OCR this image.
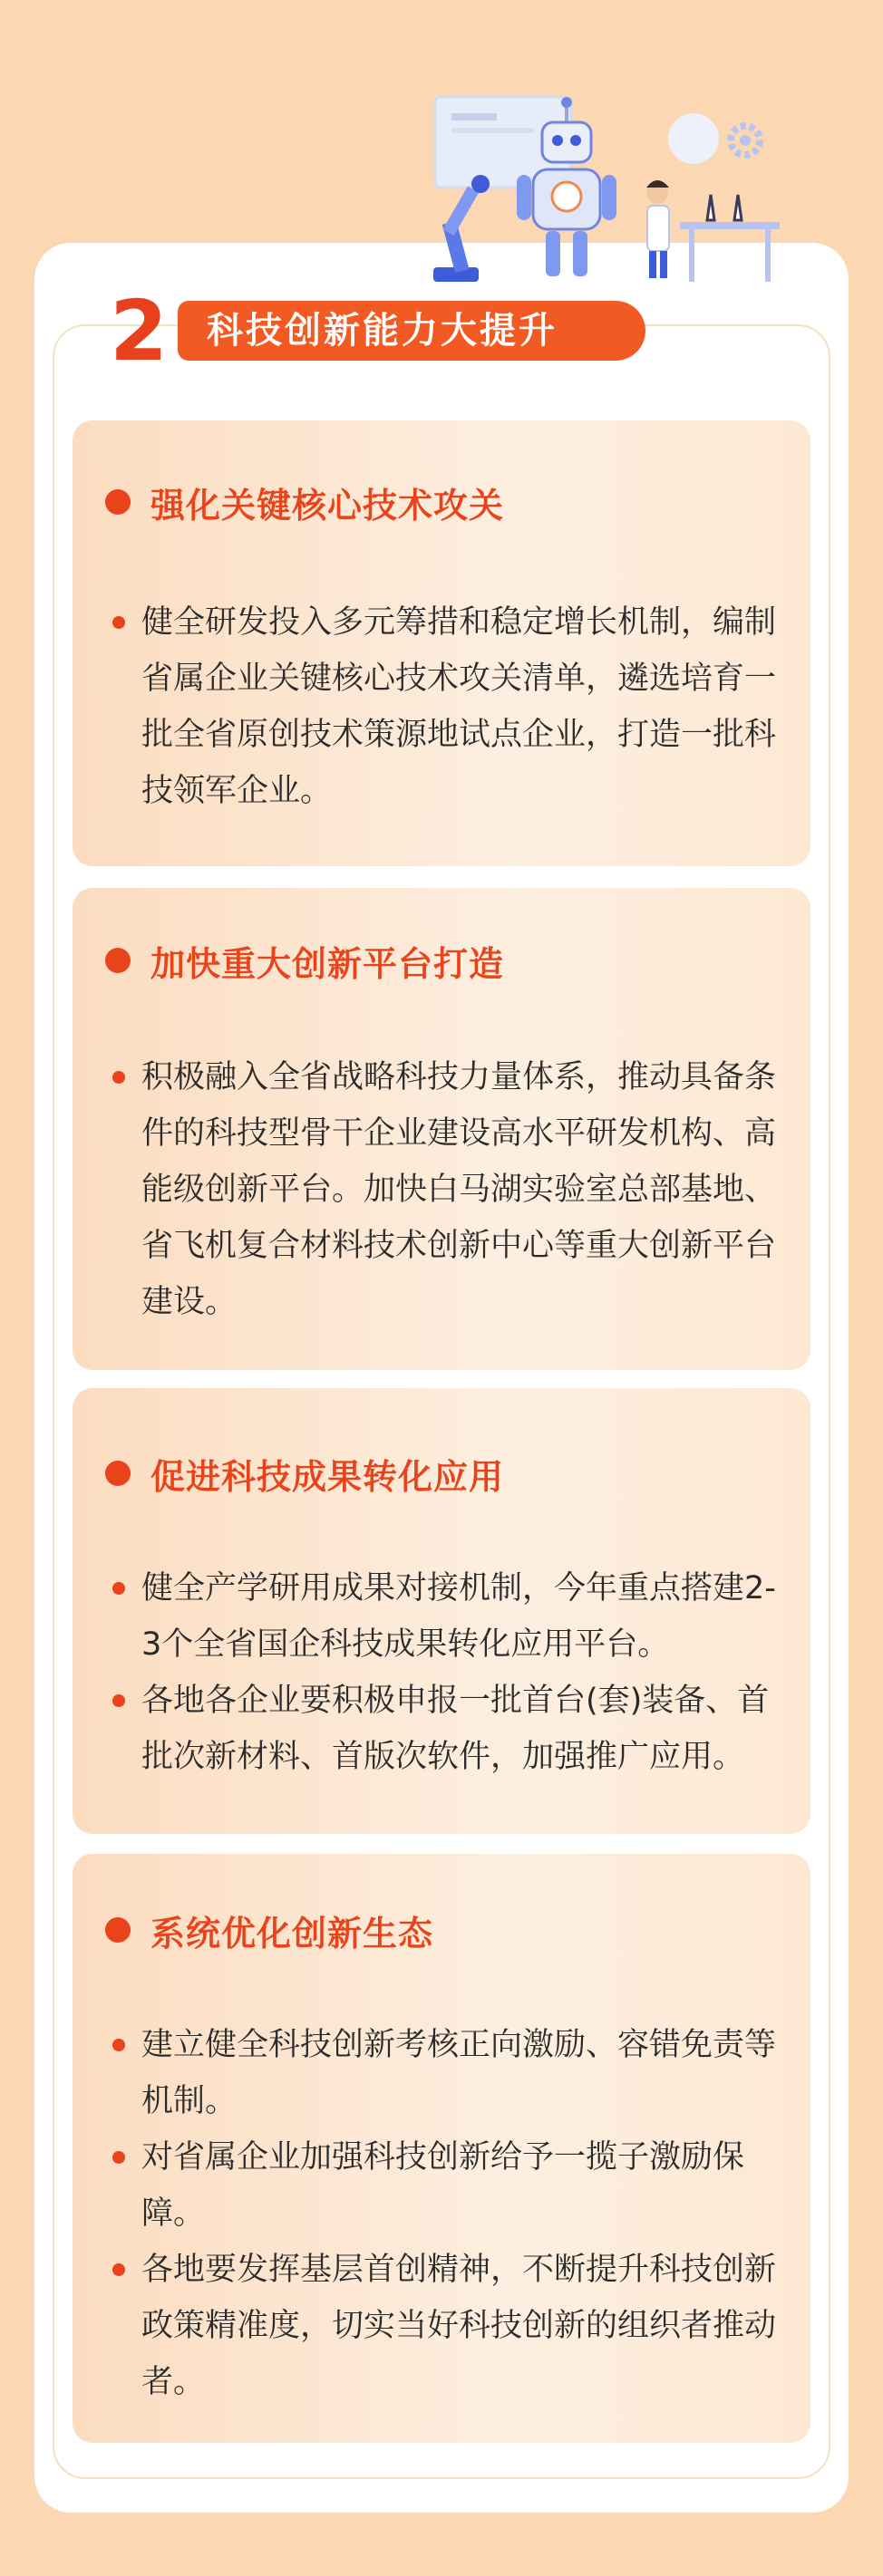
2 科技创新能力大提升
强化关键核心技术攻关
健全研发投入多元筹措和稳定增长机制，编制省属企业关键核心技术攻关清单，遴选培育一批全省原创技术策源地试点企业，打造一批科技领军企业。
加快重大创新平台打造
积极融入全省战略科技力量体系，推动具备条件的科技型骨干企业建设高水平研发机构、高能级创新平台。加快白马湖实验室总部基地、省飞机复合材料技术创新中心等重大创新平台建设。
促进科技成果转化应用
健全产学研用成果对接机制，今年重点搭建2-3个全省国企科技成果转化应用平台。
各地各企业要积极申报一批首台(套)装备、首批次新材料、首版次软件，加强推广应用。
系统优化创新生态
建立健全科技创新考核正向激励、容错免责等机制。
对省属企业加强科技创新给予一揽子激励保障。
各地要发挥基层首创精神，不断提升科技创新政策精准度，切实当好科技创新的组织者推动者。
